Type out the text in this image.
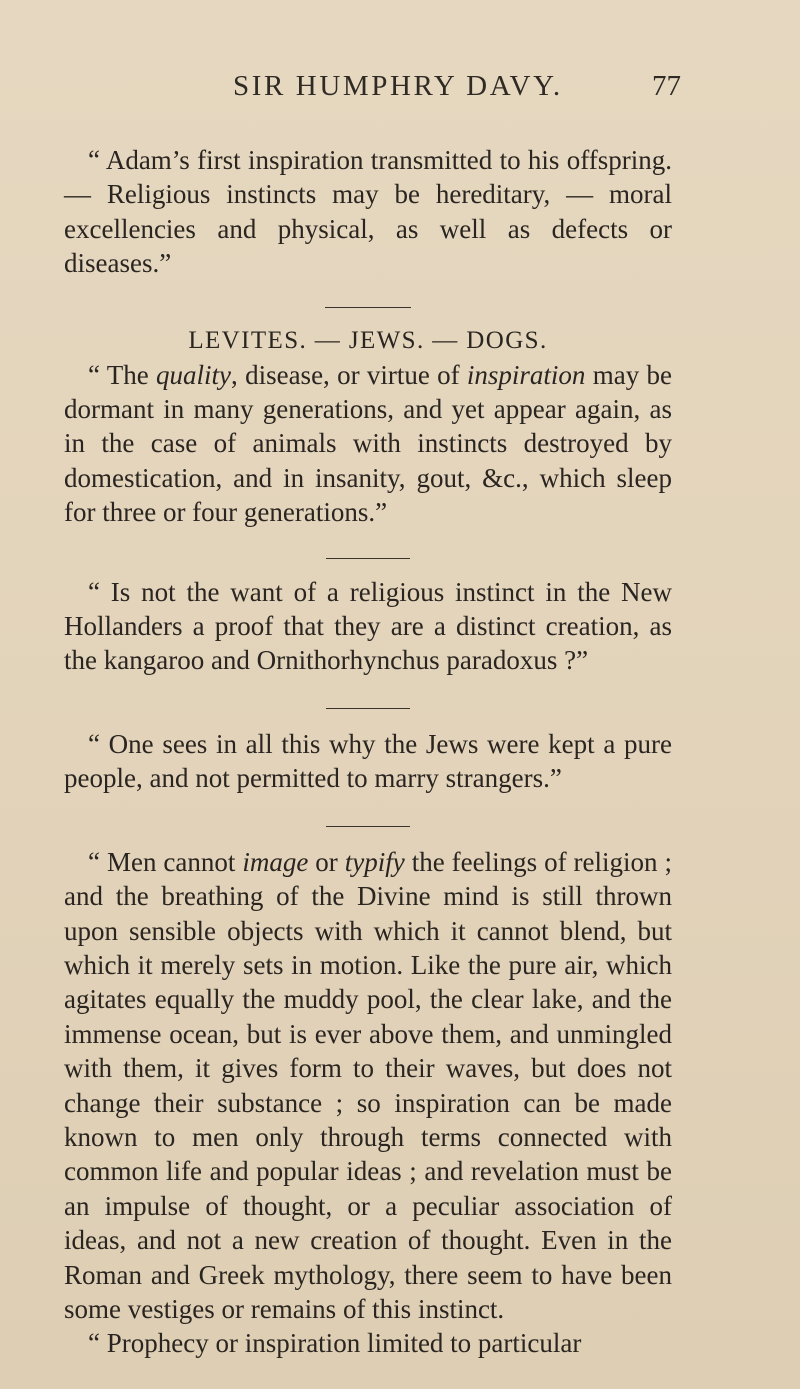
SIR HUMPHRY DAVY.	77

“ Adam’s first inspiration transmitted to his offspring. — Religious instincts may be hereditary, — moral excellencies and physical, as well as defects or diseases.”

LEVITES. — JEWS. — DOGS.

“ The quality, disease, or virtue of inspiration may be dormant in many generations, and yet appear again, as in the case of animals with instincts destroyed by domestication, and in insanity, gout, &c., which sleep for three or four generations.”

“ Is not the want of a religious instinct in the New Hollanders a proof that they are a distinct creation, as the kangaroo and Ornithorhynchus paradoxus ?”

“ One sees in all this why the Jews were kept a pure people, and not permitted to marry strangers.”

“ Men cannot image or typify the feelings of religion ; and the breathing of the Divine mind is still thrown upon sensible objects with which it cannot blend, but which it merely sets in motion. Like the pure air, which agitates equally the muddy pool, the clear lake, and the immense ocean, but is ever above them, and unmingled with them, it gives form to their waves, but does not change their substance ; so inspiration can be made known to men only through terms connected with common life and popular ideas ; and revelation must be an impulse of thought, or a peculiar association of ideas, and not a new creation of thought. Even in the Roman and Greek mythology, there seem to have been some vestiges or remains of this instinct.

“ Prophecy or inspiration limited to particular
